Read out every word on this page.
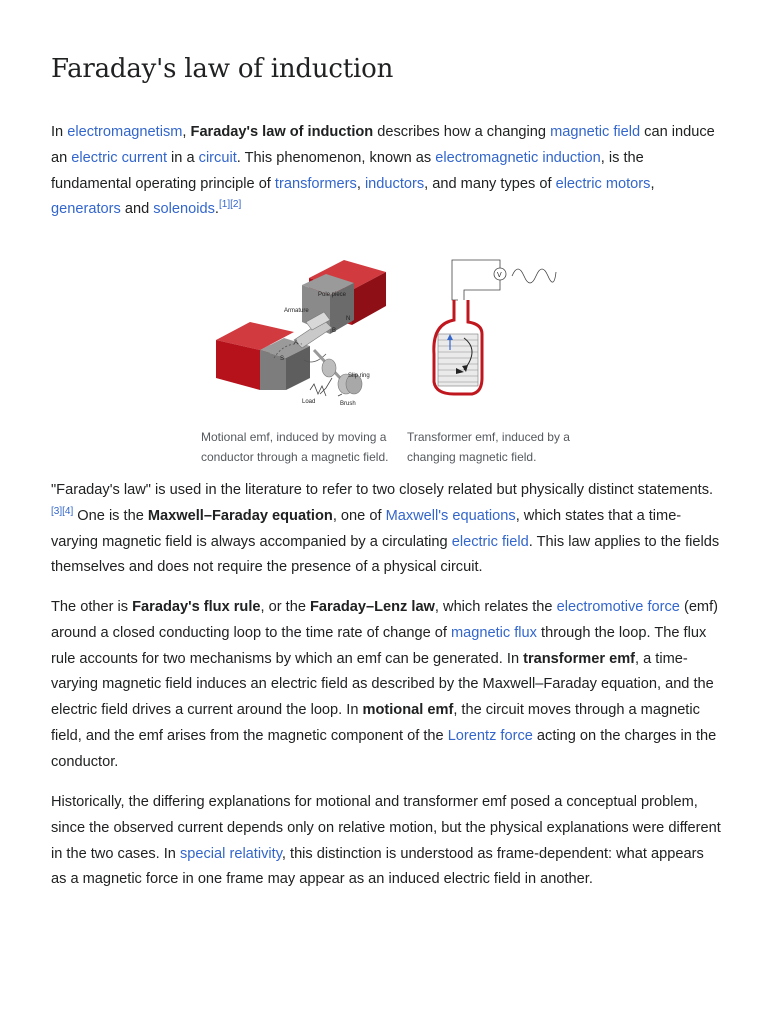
Faraday's law of induction

In electromagnetism, Faraday's law of induction describes how a changing magnetic field can induce an electric current in a circuit. This phenomenon, known as electromagnetic induction, is the fundamental operating principle of transformers, inductors, and many types of electric motors, generators and solenoids.[1][2]

Pole piece
Armature
N
S
A
B
Slip ring
Load	Brush
V

Motional emf, induced by moving a conductor through a magnetic field.

Transformer emf, induced by a changing magnetic field.

"Faraday's law" is used in the literature to refer to two closely related but physically distinct statements.[3][4] One is the Maxwell–Faraday equation, one of Maxwell's equations, which states that a time-varying magnetic field is always accompanied by a circulating electric field. This law applies to the fields themselves and does not require the presence of a physical circuit.

The other is Faraday's flux rule, or the Faraday–Lenz law, which relates the electromotive force (emf) around a closed conducting loop to the time rate of change of magnetic flux through the loop. The flux rule accounts for two mechanisms by which an emf can be generated. In transformer emf, a time-varying magnetic field induces an electric field as described by the Maxwell–Faraday equation, and the electric field drives a current around the loop. In motional emf, the circuit moves through a magnetic field, and the emf arises from the magnetic component of the Lorentz force acting on the charges in the conductor.

Historically, the differing explanations for motional and transformer emf posed a conceptual problem, since the observed current depends only on relative motion, but the physical explanations were different in the two cases. In special relativity, this distinction is understood as frame-dependent: what appears as a magnetic force in one frame may appear as an induced electric field in another.
